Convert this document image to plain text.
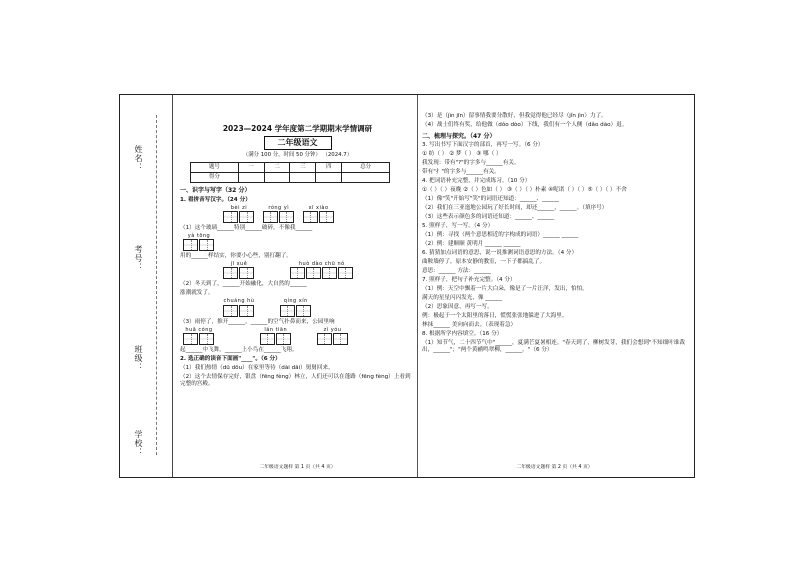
姓名：
考号：
班级：
学校：
2023—2024 学年度第二学期期末学情调研
二年级语文
（满分 100 分，时间 50 分钟） （2024.7）
题号	一	二	三	四	总分
得分					
一、识字与写字（32 分）
1. 看拼音写汉字。（24 分）
bèi zi
	róng yì
	xī xiào
（1）这个玻璃______特别______破碎，不像我______
yà tōng
用的______样结实，你要小心些，别打翻了。
jī xuě
	huò dào chū nǒ
（2）冬天到了，______开始融化，大自然的______
涨潮就发了。
chuáng hù
	qíng xín
（3）雨停了，推开______，______的空气扑鼻而来，公园里响
huā cóng
	lán tiān
	zì yóu
起______中飞舞，______上小鸟在______飞翔。
2. 选正确的读音下面画"____"。（6 分）
（1）我们热情（dū dōu）在家里等待（dài dāi）舅舅回来。
（2）这个去情保存完好，银盘（fēng fèng）林立，人们还可以在蓬路（fēng fèng）上看到完整的宫殿。
二年级语文题样 第 1 页（共 4 页）
（3）是（jìn jīn）留事情我要分散好，但我觉得他已经尽（jǐn jìn）力了。
（4）战士们终有奖，给他做（dǒo dòo）下线，我们有一个人侧（dǎo dào）退。
二、梳理与探究。（47 分）
3. 写出书写下面汉字的部首，再写一写。（6 分）
① 纺（ ） ② 梦（ ） ③ 哪（ ）
我发现：带有"?"的字多与______有关。
带有"扌"的字多与______有关。
4. 把词语补充完整，并完成练习。（10 分）
①（ ）（ ）夜晚 ②（ ）色如（ ） ③（ ）（ ）朴素 ④呢诺（ ）（ ）⑤（ ）（ ）不舍
（1）像"笑"开始写"笑"的词语还知道：______、______
（2）我们在三亚迤地公园玩了好长时间，却还______，______。（填序号）
（3）这些表示颜色多的词语还知道：______、______
5. 照样子，写一写。（4 分）
（1）例：寻找（两个意思相近的字构成的词语）______ ______
（2）例：建顺顺 黄明月 ______ ______
6. 猜猜加点词语的意思，说一说推测词语意思的方法。（4 分）
曲鞍墙停了，原本安静的教室，一下子都搞乱了。
意思：______ 方法：______
7. 照样子，把句子补充完整。（4 分）
（1）例：天空中飘着一片大白朵，像是了一片汪洋，发出，怕怕。
满天的星星闪闪发光，像 ______
（2）思象因意，再写一写。
例：极起于一个太阳里的落日，慌慌张张地躲进了大海里。
林抹______ 美向向而去。（表现着急）
8. 根据所学内容填空。（16 分）
（1）知节气，二十四节气中"______，夏满芒夏暑相连。"春天到了，柳树发芽，我们会想到"不知细叶谁裁出，______"；"两个黄鹂鸣翠柳，______。"（6 分）
二年级语文题样 第 2 页（共 4 页）
